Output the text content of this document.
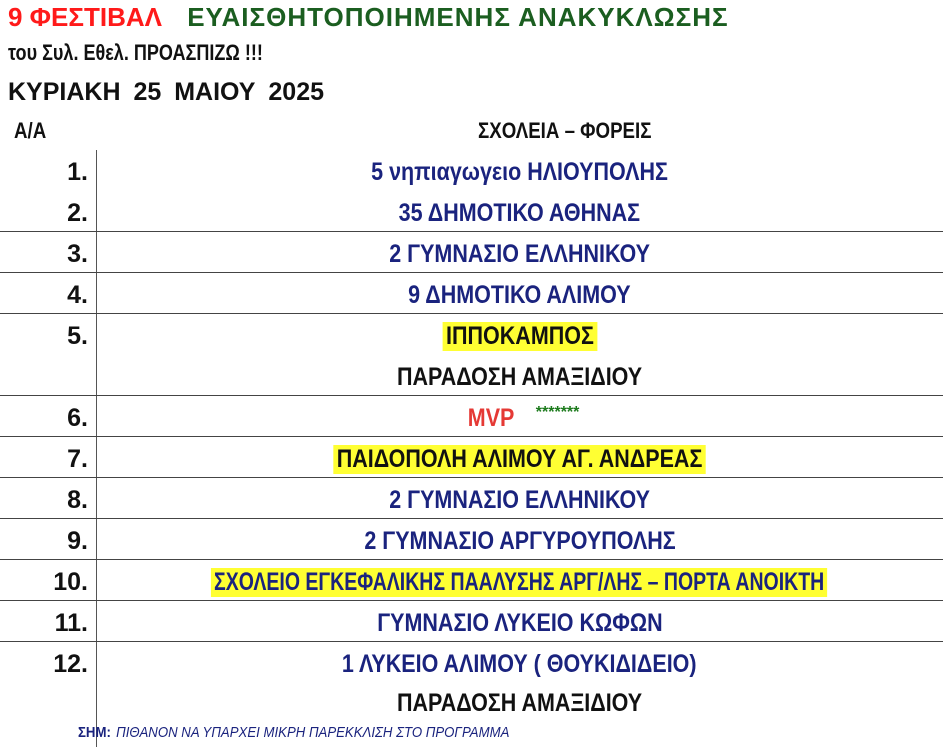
9 ΦΕΣΤΙΒΑΛ ΕΥΑΙΣΘΗΤΟΠΟΙΗΜΕΝΗΣ ΑΝΑΚΥΚΛΩΣΗΣ
του Συλ. Εθελ. ΠΡΟΑΣΠΙΖΩ !!!
ΚΥΡΙΑΚΗ 25 ΜΑΙΟΥ 2025
Α/Α	ΣΧΟΛΕΙΑ – ΦΟΡΕΙΣ
1.	5 νηπιαγωγειο ΗΛΙΟΥΠΟΛΗΣ
2.	35 ΔΗΜΟΤΙΚΟ ΑΘΗΝΑΣ
3.	2 ΓΥΜΝΑΣΙΟ ΕΛΛΗΝΙΚΟΥ
4.	9 ΔΗΜΟΤΙΚΟ ΑΛΙΜΟΥ
5.	ΙΠΠΟΚΑΜΠΟΣ
ΠΑΡΑΔΟΣΗ ΑΜΑΞΙΔΙΟΥ
6.	MVP *******
7.	ΠΑΙΔΟΠΟΛΗ ΑΛΙΜΟΥ ΑΓ. ΑΝΔΡΕΑΣ
8.	2 ΓΥΜΝΑΣΙΟ ΕΛΛΗΝΙΚΟΥ
9.	2 ΓΥΜΝΑΣΙΟ ΑΡΓΥΡΟΥΠΟΛΗΣ
10.	ΣΧΟΛΕΙΟ ΕΓΚΕΦΑΛΙΚΗΣ ΠΑΑΛΥΣΗΣ ΑΡΓ/ΛΗΣ – ΠΟΡΤΑ ΑΝΟΙΚΤΗ
11.	ΓΥΜΝΑΣΙΟ ΛΥΚΕΙΟ ΚΩΦΩΝ
12.	1 ΛΥΚΕΙΟ ΑΛΙΜΟΥ ( ΘΟΥΚΙΔΙΔΕΙΟ)
ΠΑΡΑΔΟΣΗ ΑΜΑΞΙΔΙΟΥ
ΣΗΜ: ΠΙΘΑΝΟΝ ΝΑ ΥΠΑΡΧΕΙ ΜΙΚΡΗ ΠΑΡΕΚΚΛΙΣΗ ΣΤΟ ΠΡΟΓΡΑΜΜΑ
